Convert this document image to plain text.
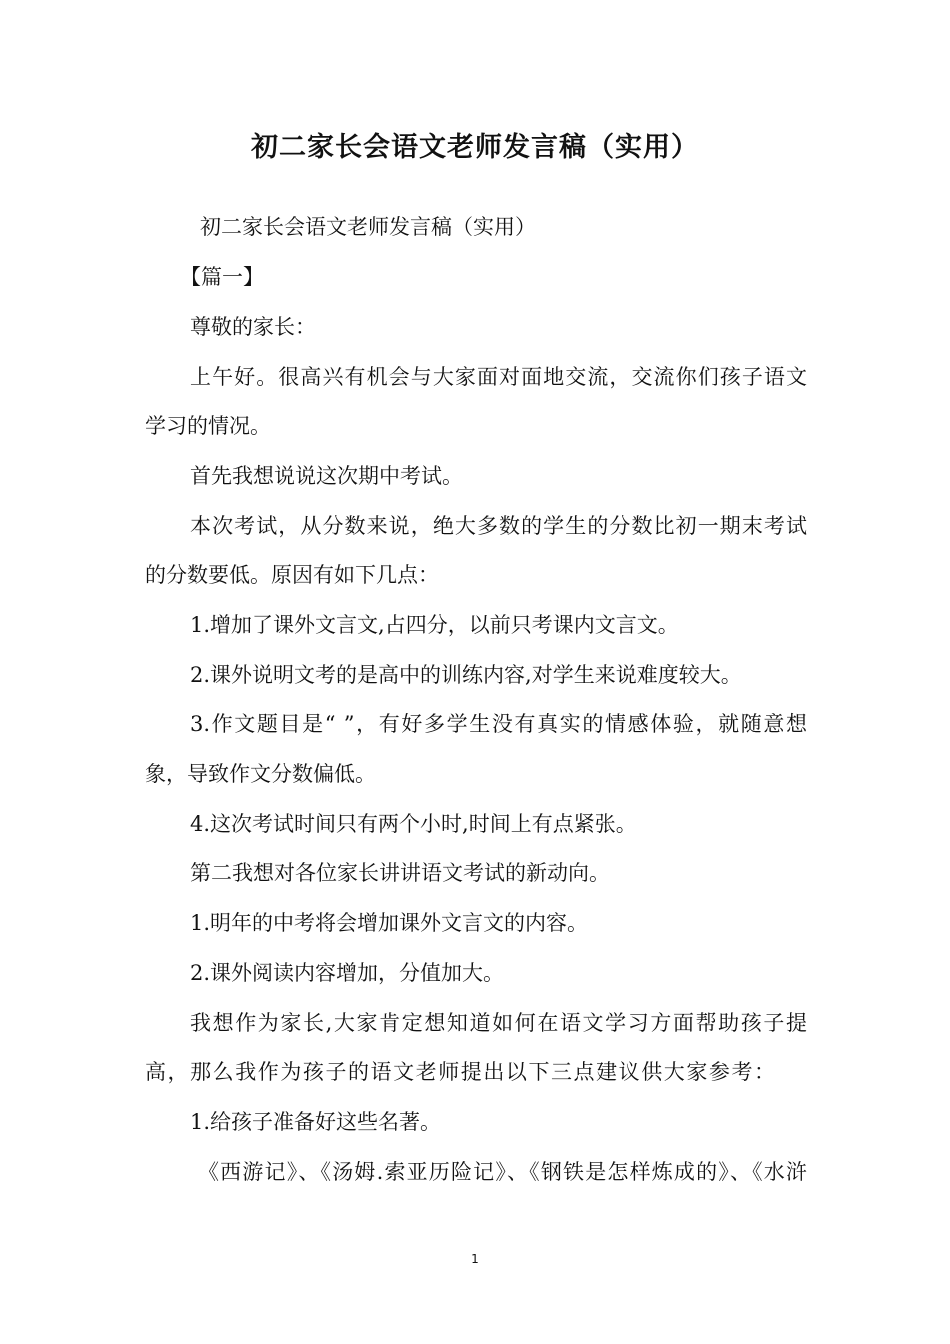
初二家长会语文老师发言稿（实用）
初二家长会语文老师发言稿（实用）
【篇一】
尊敬的家长：
上午好。很高兴有机会与大家面对面地交流，交流你们孩子语文
学习的情况。
首先我想说说这次期中考试。
本次考试，从分数来说，绝大多数的学生的分数比初一期末考试
的分数要低。原因有如下几点：
1.增加了课外文言文,占四分，以前只考课内文言文。
2.课外说明文考的是高中的训练内容,对学生来说难度较大。
3.作文题目是“ ”，有好多学生没有真实的情感体验，就随意想
象，导致作文分数偏低。
4.这次考试时间只有两个小时,时间上有点紧张。
第二我想对各位家长讲讲语文考试的新动向。
1.明年的中考将会增加课外文言文的内容。
2.课外阅读内容增加，分值加大。
我想作为家长,大家肯定想知道如何在语文学习方面帮助孩子提
高，那么我作为孩子的语文老师提出以下三点建议供大家参考：
1.给孩子准备好这些名著。
《西游记》、《汤姆.索亚历险记》、《钢铁是怎样炼成的》、《水浒
1
